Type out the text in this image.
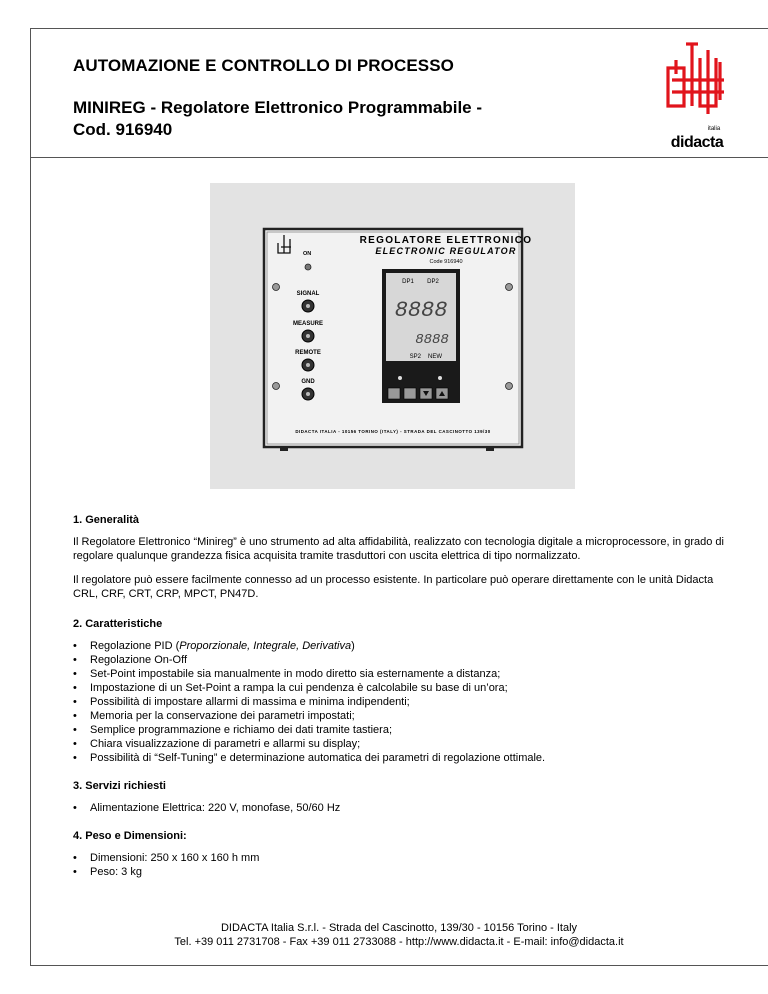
AUTOMAZIONE E CONTROLLO DI PROCESSO
MINIREG - Regolatore Elettronico Programmabile -
Cod. 916940	italia
didacta
ON
REGOLATORE ELETTRONICO
ELECTRONIC REGULATOR
Code 916940
SIGNAL
MEASURE
REMOTE
GND
DP1 DP2
SP2 NEW
8888
8888
DIDACTA ITALIA - 10156 TORINO (ITALY) - STRADA DEL CASCINOTTO 139/30
1. Generalità

Il Regolatore Elettronico “Minireg” è uno strumento ad alta affidabilità, realizzato con tecnologia digitale a microprocessore, in grado di regolare qualunque grandezza fisica acquisita tramite trasduttori con uscita elettrica di tipo normalizzato.

Il regolatore può essere facilmente connesso ad un processo esistente. In particolare può operare direttamente con le unità Didacta CRL, CRF, CRT, CRP, MPCT, PN47D.

2. Caratteristiche
• Regolazione PID (Proporzionale, Integrale, Derivativa)
• Regolazione On-Off
• Set-Point impostabile sia manualmente in modo diretto sia esternamente a distanza;
• Impostazione di un Set-Point a rampa la cui pendenza è calcolabile su base di un’ora;
• Possibilità di impostare allarmi di massima e minima indipendenti;
• Memoria per la conservazione dei parametri impostati;
• Semplice programmazione e richiamo dei dati tramite tastiera;
• Chiara visualizzazione di parametri e allarmi su display;
• Possibilità di “Self-Tuning” e determinazione automatica dei parametri di regolazione ottimale.
3. Servizi richiesti
• Alimentazione Elettrica: 220 V, monofase, 50/60 Hz
4. Peso e Dimensioni:
• Dimensioni: 250 x 160 x 160 h mm
• Peso: 3 kg
DIDACTA Italia S.r.l. - Strada del Cascinotto, 139/30 - 10156 Torino - Italy
Tel. +39 011 2731708 - Fax +39 011 2733088 - http://www.didacta.it - E-mail: info@didacta.it
